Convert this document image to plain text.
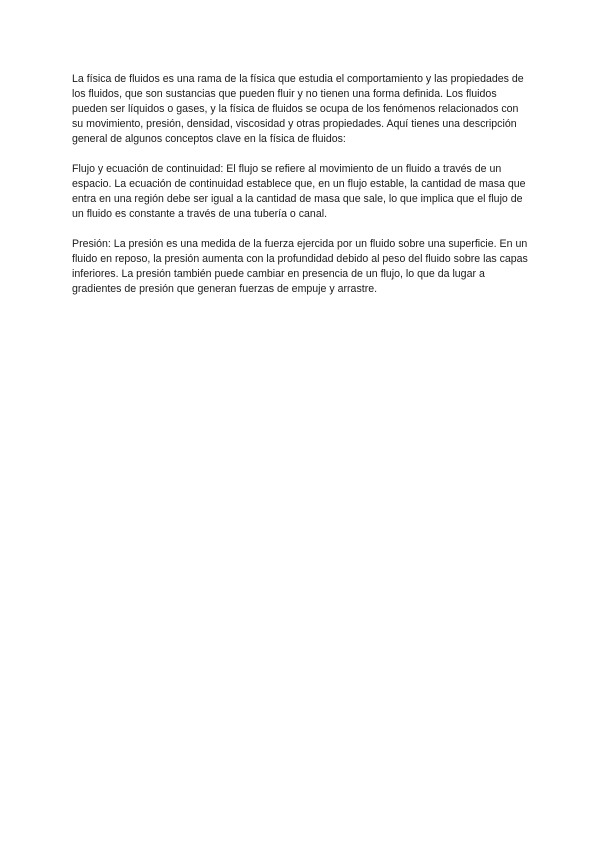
La física de fluidos es una rama de la física que estudia el comportamiento y las propiedades de los fluidos, que son sustancias que pueden fluir y no tienen una forma definida. Los fluidos pueden ser líquidos o gases, y la física de fluidos se ocupa de los fenómenos relacionados con su movimiento, presión, densidad, viscosidad y otras propiedades. Aquí tienes una descripción general de algunos conceptos clave en la física de fluidos:

Flujo y ecuación de continuidad: El flujo se refiere al movimiento de un fluido a través de un espacio. La ecuación de continuidad establece que, en un flujo estable, la cantidad de masa que entra en una región debe ser igual a la cantidad de masa que sale, lo que implica que el flujo de un fluido es constante a través de una tubería o canal.

Presión: La presión es una medida de la fuerza ejercida por un fluido sobre una superficie. En un fluido en reposo, la presión aumenta con la profundidad debido al peso del fluido sobre las capas inferiores. La presión también puede cambiar en presencia de un flujo, lo que da lugar a gradientes de presión que generan fuerzas de empuje y arrastre.
